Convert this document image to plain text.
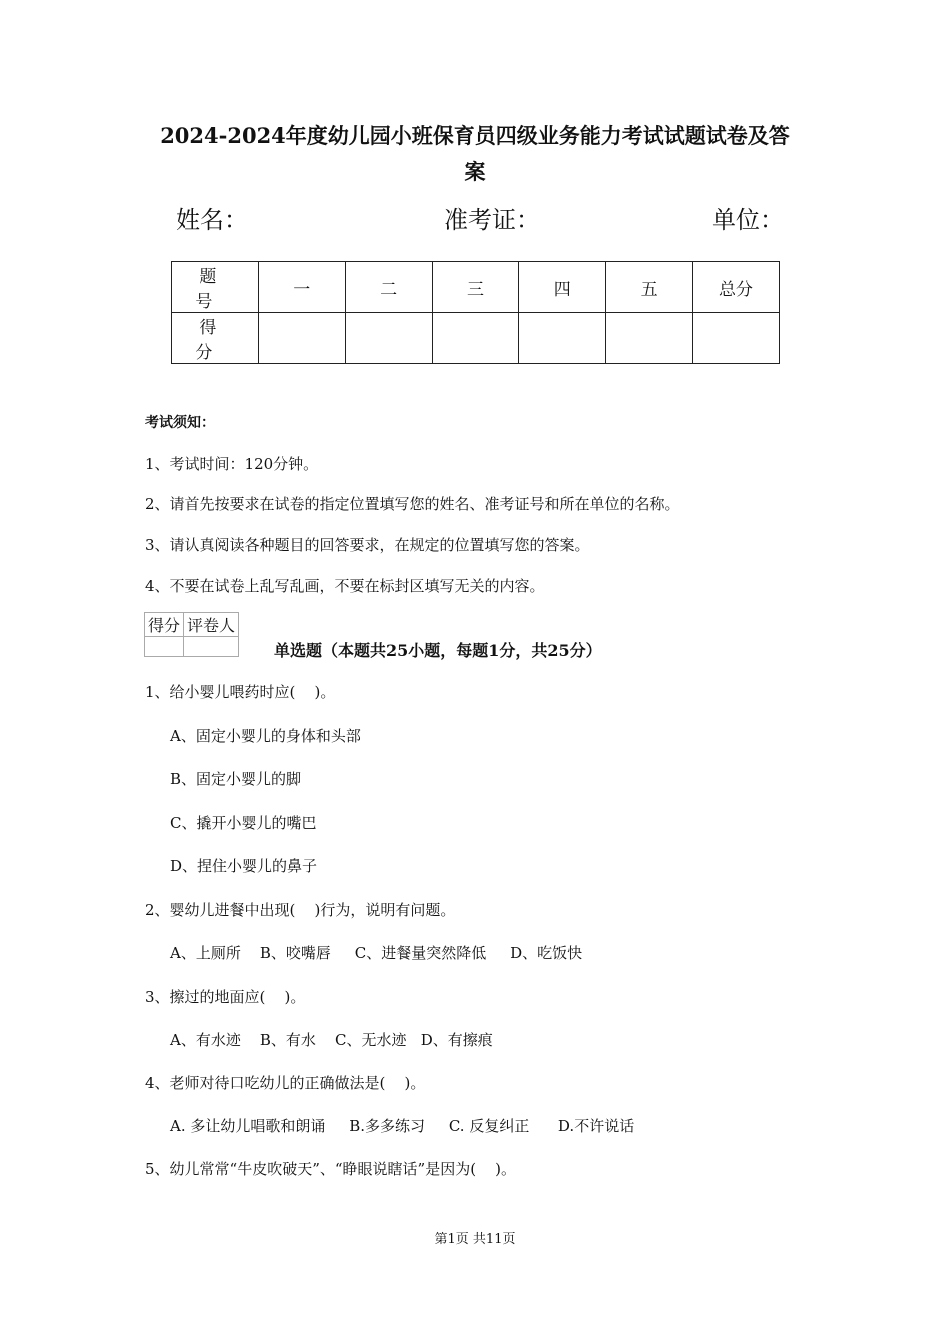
2024-2024年度幼儿园小班保育员四级业务能力考试试题试卷及答
案
姓名：	准考证：	单位：
题 号	一	二	三	四	五	总分
得 分						
考试须知：
1、考试时间：120分钟。
2、请首先按要求在试卷的指定位置填写您的姓名、准考证号和所在单位的名称。
3、请认真阅读各种题目的回答要求，在规定的位置填写您的答案。
4、不要在试卷上乱写乱画，不要在标封区填写无关的内容。
得分	评卷人

单选题（本题共25小题，每题1分，共25分）
1、给小婴儿喂药时应(    )。
A、固定小婴儿的身体和头部
B、固定小婴儿的脚
C、撬开小婴儿的嘴巴
D、捏住小婴儿的鼻子
2、婴幼儿进餐中出现(    )行为，说明有问题。
A、上厕所    B、咬嘴唇     C、进餐量突然降低     D、吃饭快
3、擦过的地面应(    )。
A、有水迹    B、有水    C、无水迹   D、有擦痕
4、老师对待口吃幼儿的正确做法是(    )。
A. 多让幼儿唱歌和朗诵     B.多多练习     C. 反复纠正      D.不许说话
5、幼儿常常“牛皮吹破天”、“睁眼说瞎话”是因为(    )。
第1页 共11页
